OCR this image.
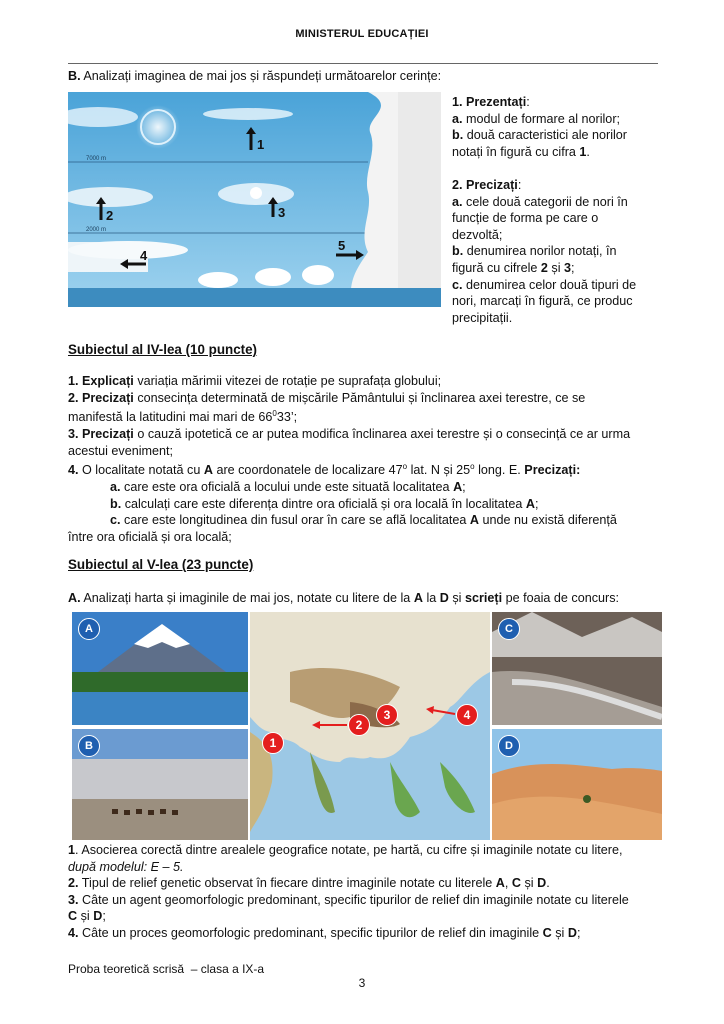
MINISTERUL EDUCAȚIEI

B. Analizați imaginea de mai jos și răspundeți următoarelor cerințe:

7000 m
2000 m
1
2	3
4
5

1. Prezentați:

a. modul de formare al norilor;

b. două caracteristici ale norilor

notați în figură cu cifra 1.

2. Precizați:

a. cele două categorii de nori în

funcție de forma pe care o

dezvoltă;

b. denumirea norilor notați, în

figură cu cifrele 2 și 3;

c. denumirea celor două tipuri de

nori, marcați în figură, ce produc

precipitații.

Subiectul al IV-lea (10 puncte)

1. Explicați variația mărimii vitezei de rotație pe suprafața globului;

2. Precizați consecința determinată de mișcările Pământului și înclinarea axei terestre, ce se

manifestă la latitudini mai mari de $66^033$’;

3. Precizați o cauză ipotetică ce ar putea modifica înclinarea axei terestre și o consecință ce ar urma

acestui eveniment;

4. O localitate notată cu A are coordonatele de localizare 47$^o$ lat. N și 25$^o$ long. E. Precizați:

a. care este ora oficială a locului unde este situată localitatea A;

b. calculați care este diferența dintre ora oficială și ora locală în localitatea A;

c. care este longitudinea din fusul orar în care se află localitatea A unde nu există diferență

între ora oficială și ora locală;

Subiectul al V-lea (23 puncte)

A. Analizați harta și imaginile de mai jos, notate cu litere de la A la D și scrieți pe foaia de concurs:

A
B	1
2
3	4
C
D

1. Asocierea corectă dintre arealele geografice notate, pe hartă, cu cifre și imaginile notate cu litere,

după modelul: E – 5.

2. Tipul de relief genetic observat în fiecare dintre imaginile notate cu literele A, C și D.

3. Câte un agent geomorfologic predominant, specific tipurilor de relief din imaginile notate cu literele

C și D;

4. Câte un proces geomorfologic predominant, specific tipurilor de relief din imaginile C și D;

Proba teoretică scrisă – clasa a IX-a
3
